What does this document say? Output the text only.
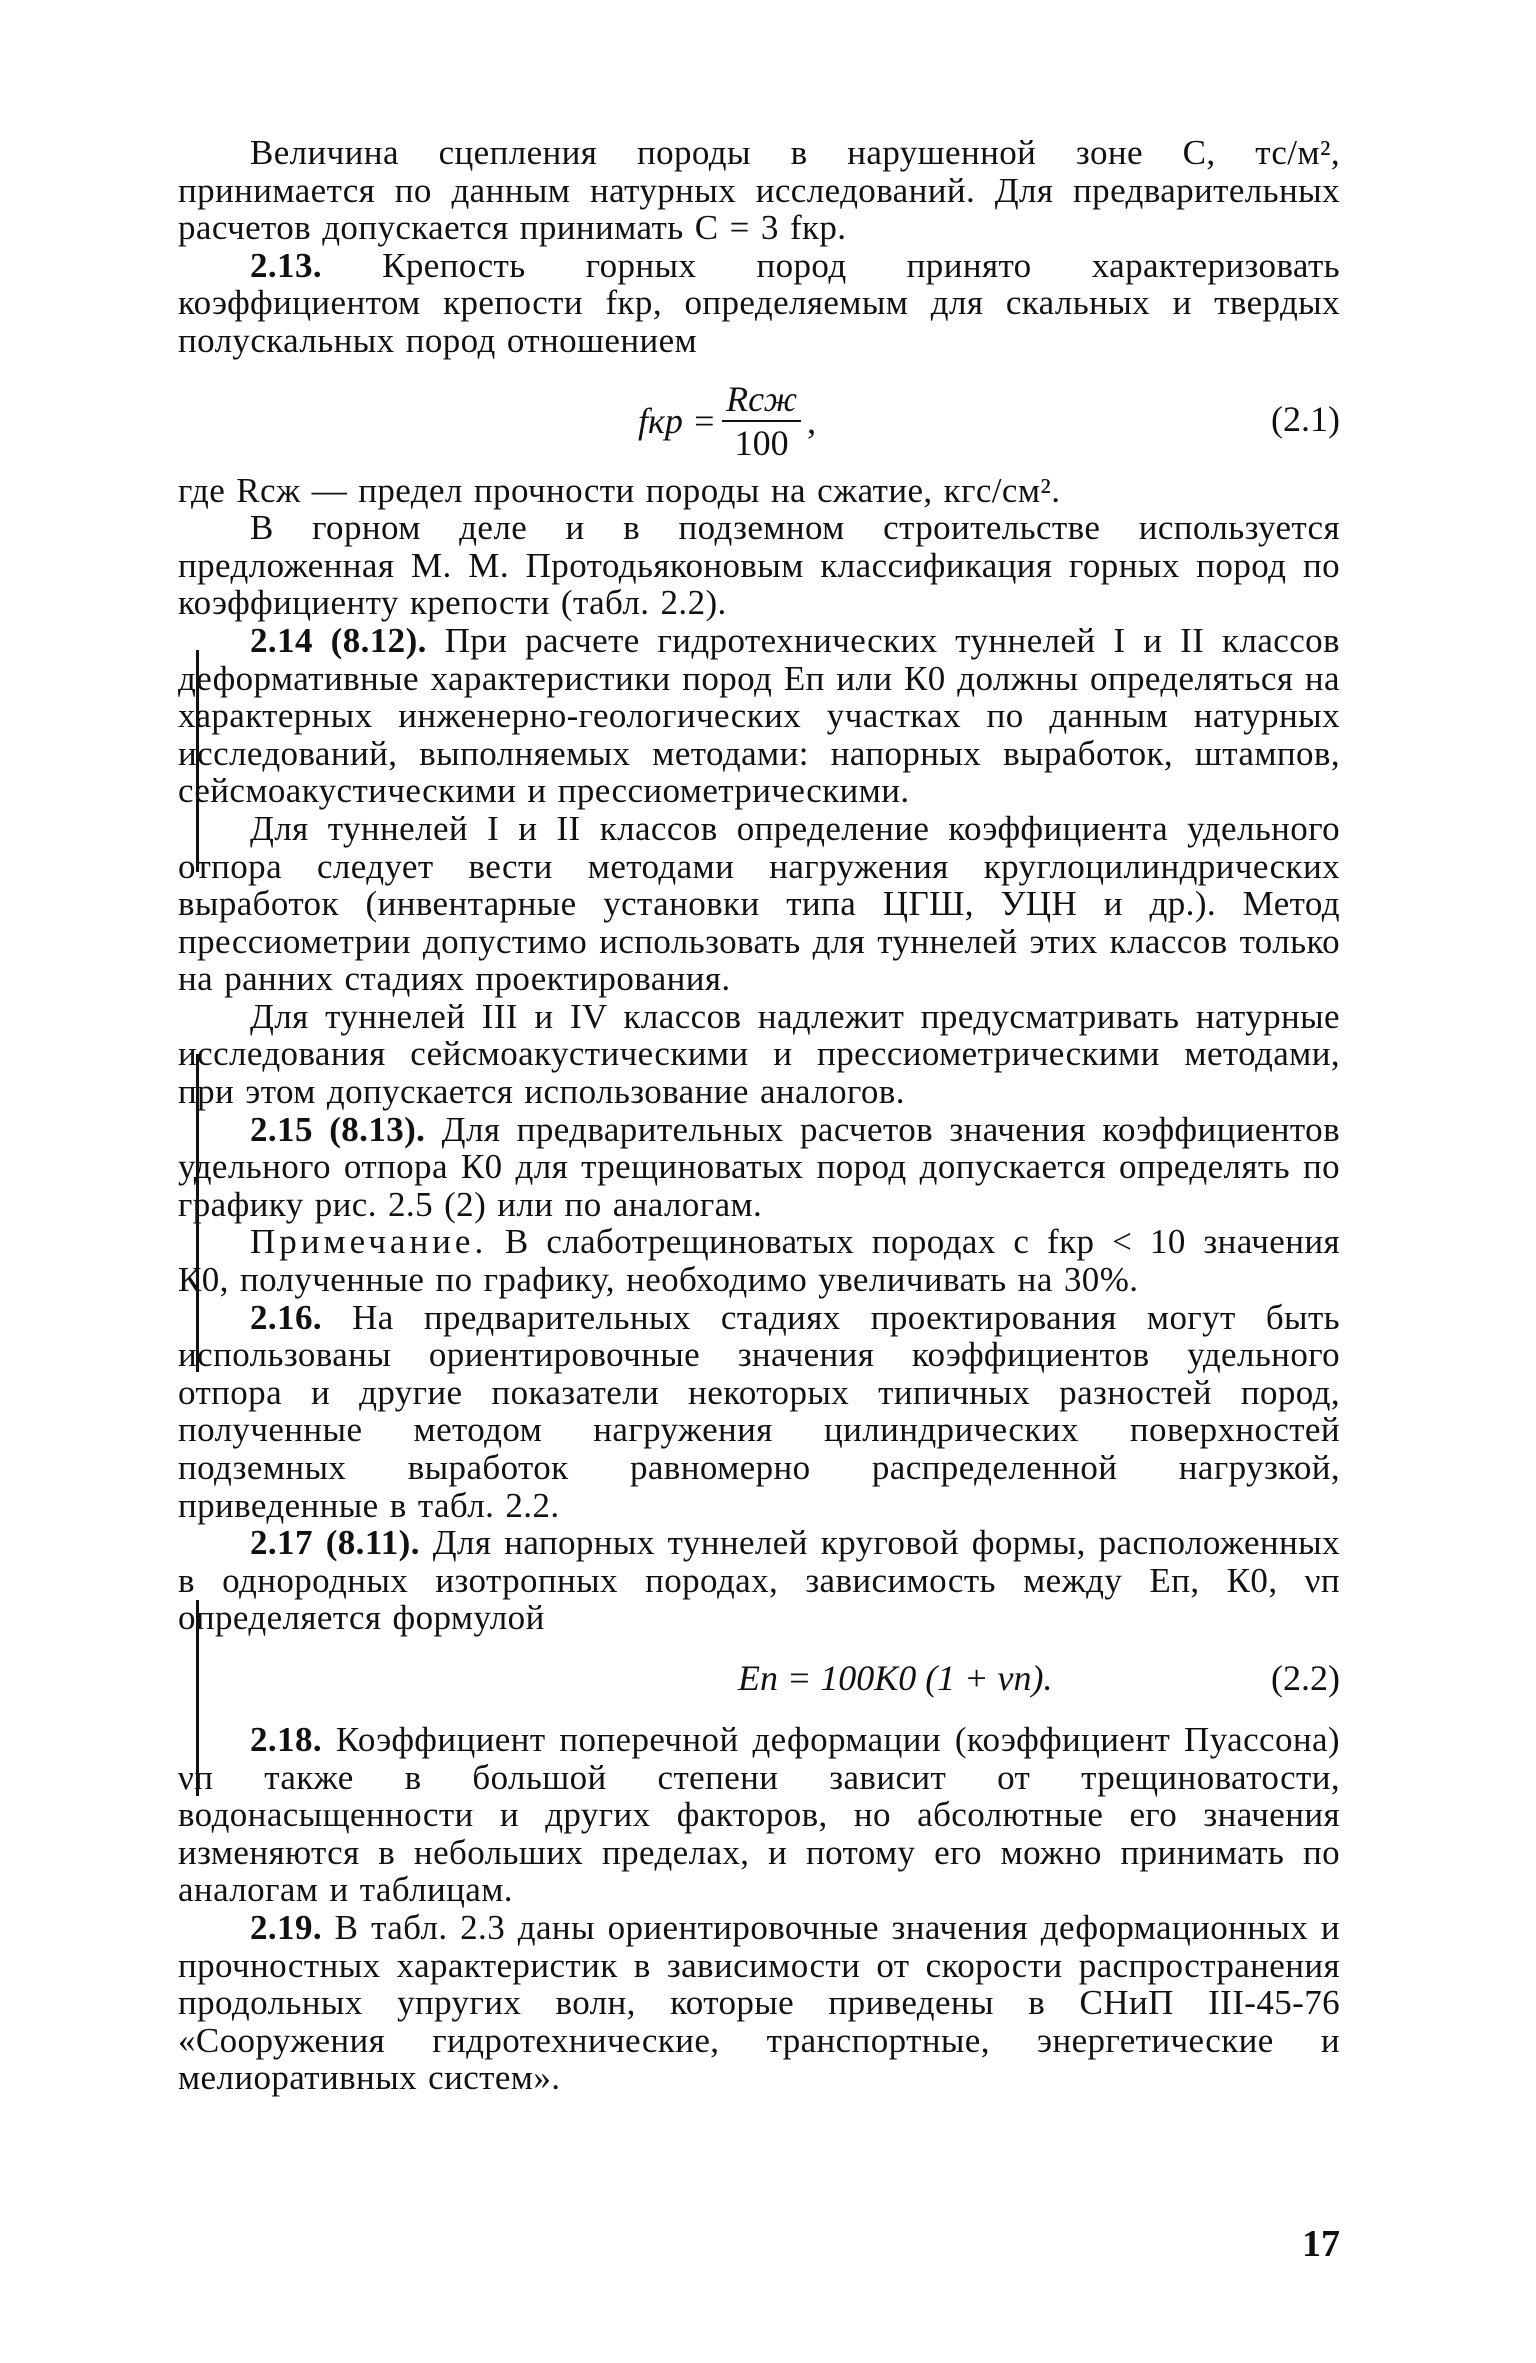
Величина сцепления породы в нарушенной зоне С, тс/м², принимается по данным натурных исследований. Для предварительных расчетов допускается принимать С = 3 fкр.

2.13. Крепость горных пород принято характеризовать коэффициентом крепости fкр, определяемым для скальных и твердых полускальных пород отношением

fкр = $\frac{\text{Rсж}}{100}$ ,	(2.1)

где Rсж — предел прочности породы на сжатие, кгс/см².

В горном деле и в подземном строительстве используется предложенная М. М. Протодьяконовым классификация горных пород по коэффициенту крепости (табл. 2.2).

2.14 (8.12). При расчете гидротехнических туннелей I и II классов деформативные характеристики пород Еп или К0 должны определяться на характерных инженерно-геологических участках по данным натурных исследований, выполняемых методами: напорных выработок, штампов, сейсмоакустическими и прессиометрическими.

Для туннелей I и II классов определение коэффициента удельного отпора следует вести методами нагружения круглоцилиндрических выработок (инвентарные установки типа ЦГШ, УЦН и др.). Метод прессиометрии допустимо использовать для туннелей этих классов только на ранних стадиях проектирования.

Для туннелей III и IV классов надлежит предусматривать натурные исследования сейсмоакустическими и прессиометрическими методами, при этом допускается использование аналогов.

2.15 (8.13). Для предварительных расчетов значения коэффициентов удельного отпора К0 для трещиноватых пород допускается определять по графику рис. 2.5 (2) или по аналогам.

Примечание. В слаботрещиноватых породах с fкр < 10 значения К0, полученные по графику, необходимо увеличивать на 30%.

2.16. На предварительных стадиях проектирования могут быть использованы ориентировочные значения коэффициентов удельного отпора и другие показатели некоторых типичных разностей пород, полученные методом нагружения цилиндрических поверхностей подземных выработок равномерно распределенной нагрузкой, приведенные в табл. 2.2.

2.17 (8.11). Для напорных туннелей круговой формы, расположенных в однородных изотропных породах, зависимость между Еп, К0, νп определяется формулой

Еп = 100К0 (1 + νп).	(2.2)

2.18. Коэффициент поперечной деформации (коэффициент Пуассона) νп также в большой степени зависит от трещиноватости, водонасыщенности и других факторов, но абсолютные его значения изменяются в небольших пределах, и потому его можно принимать по аналогам и таблицам.

2.19. В табл. 2.3 даны ориентировочные значения деформационных и прочностных характеристик в зависимости от скорости распространения продольных упругих волн, которые приведены в СНиП III-45-76 «Сооружения гидротехнические, транспортные, энергетические и мелиоративных систем».

17
